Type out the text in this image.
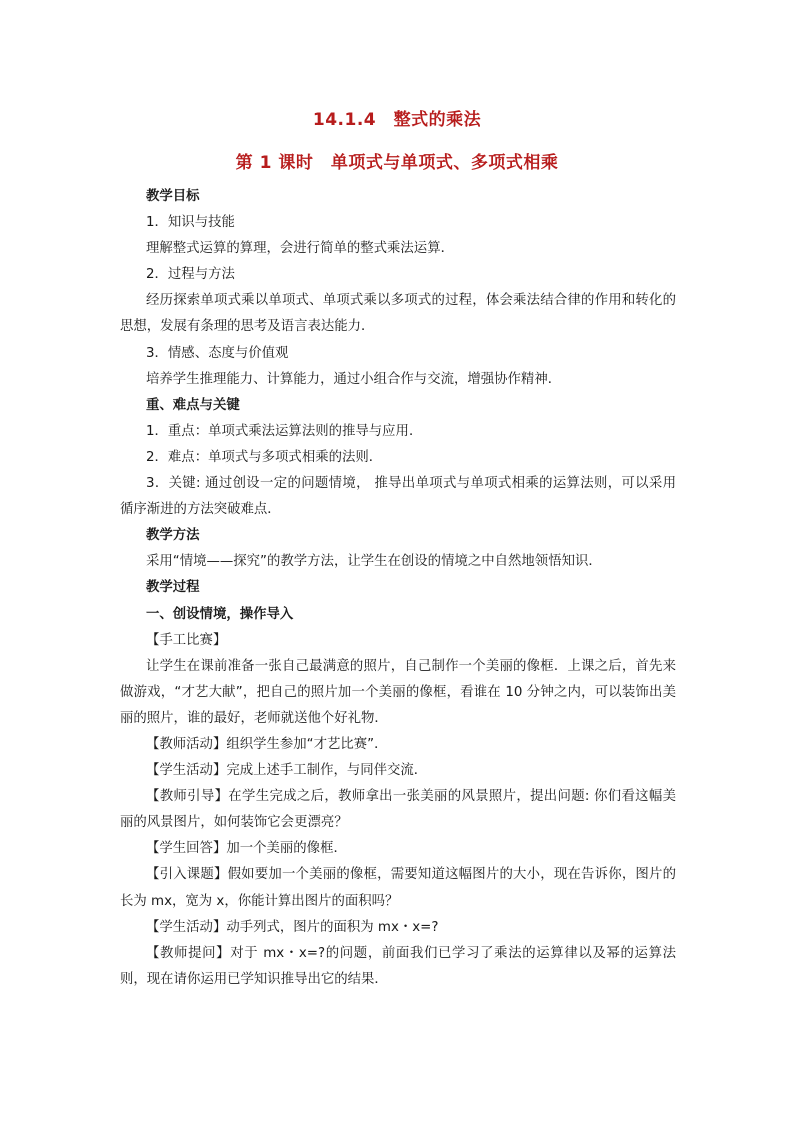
14.1.4　整式的乘法
第 1 课时　单项式与单项式、多项式相乘

教学目标

1．知识与技能

理解整式运算的算理，会进行简单的整式乘法运算．

2．过程与方法

经历探索单项式乘以单项式、单项式乘以多项式的过程，体会乘法结合律的作用和转化的思想，发展有条理的思考及语言表达能力．

3．情感、态度与价值观

培养学生推理能力、计算能力，通过小组合作与交流，增强协作精神．

重、难点与关键

1．重点：单项式乘法运算法则的推导与应用．

2．难点：单项式与多项式相乘的法则．

3．关键: 通过创设一定的问题情境， 推导出单项式与单项式相乘的运算法则，可以采用循序渐进的方法突破难点．

教学方法

采用“情境——探究”的教学方法，让学生在创设的情境之中自然地领悟知识．

教学过程

一、创设情境，操作导入

【手工比赛】

让学生在课前准备一张自己最满意的照片，自己制作一个美丽的像框．上课之后，首先来做游戏，“才艺大献”，把自己的照片加一个美丽的像框，看谁在 10 分钟之内，可以装饰出美丽的照片，谁的最好，老师就送他个好礼物．

【教师活动】组织学生参加“才艺比赛”．

【学生活动】完成上述手工制作，与同伴交流．

【教师引导】在学生完成之后，教师拿出一张美丽的风景照片，提出问题: 你们看这幅美丽的风景图片，如何装饰它会更漂亮？

【学生回答】加一个美丽的像框．

【引入课题】假如要加一个美丽的像框，需要知道这幅图片的大小，现在告诉你，图片的长为 mx，宽为 x，你能计算出图片的面积吗？

【学生活动】动手列式，图片的面积为 mx・x=?

【教师提问】对于 mx・x=?的问题，前面我们已学习了乘法的运算律以及幂的运算法则，现在请你运用已学知识推导出它的结果．
